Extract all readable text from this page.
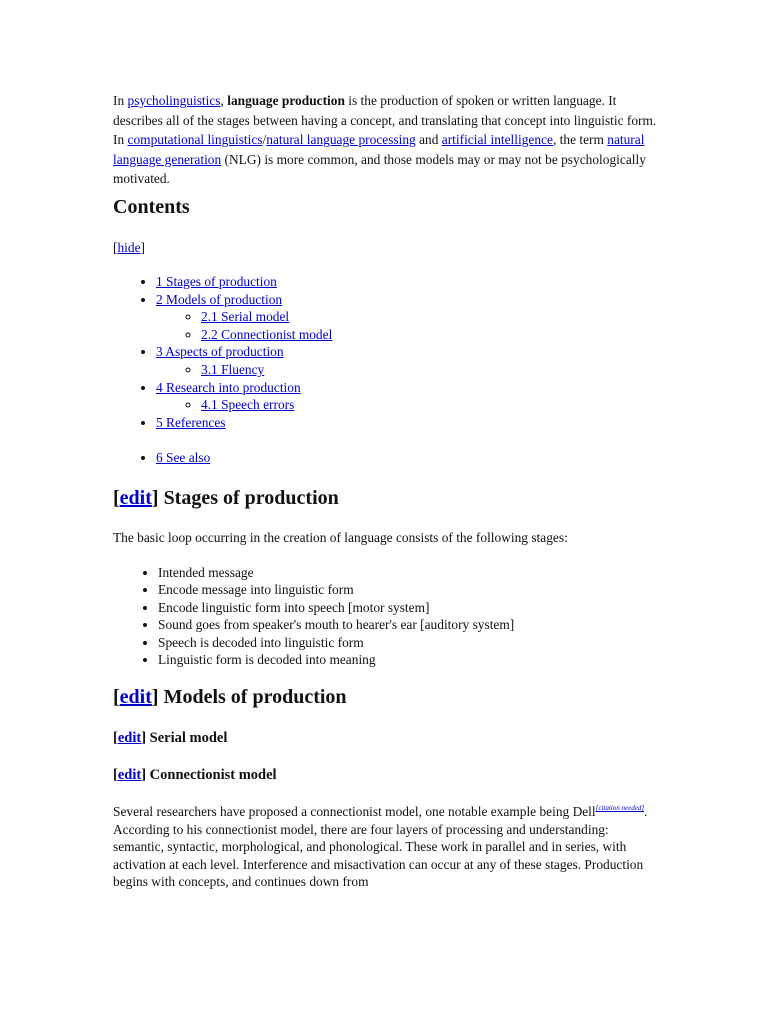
In psycholinguistics, language production is the production of spoken or written language. It describes all of the stages between having a concept, and translating that concept into linguistic form. In computational linguistics/natural language processing and artificial intelligence, the term natural language generation (NLG) is more common, and those models may or may not be psychologically motivated.

Contents
[hide]
• 1 Stages of production
• 2 Models of production
◦ 2.1 Serial model
◦ 2.2 Connectionist model
• 3 Aspects of production
◦ 3.1 Fluency
• 4 Research into production
◦ 4.1 Speech errors
• 5 References
• 6 See also
[edit] Stages of production

The basic loop occurring in the creation of language consists of the following stages:

• Intended message
• Encode message into linguistic form
• Encode linguistic form into speech [motor system]
• Sound goes from speaker's mouth to hearer's ear [auditory system]
• Speech is decoded into linguistic form
• Linguistic form is decoded into meaning
[edit] Models of production
[edit] Serial model
[edit] Connectionist model

Several researchers have proposed a connectionist model, one notable example being Dell[citation needed]. According to his connectionist model, there are four layers of processing and understanding: semantic, syntactic, morphological, and phonological. These work in parallel and in series, with activation at each level. Interference and misactivation can occur at any of these stages. Production begins with concepts, and continues down from
